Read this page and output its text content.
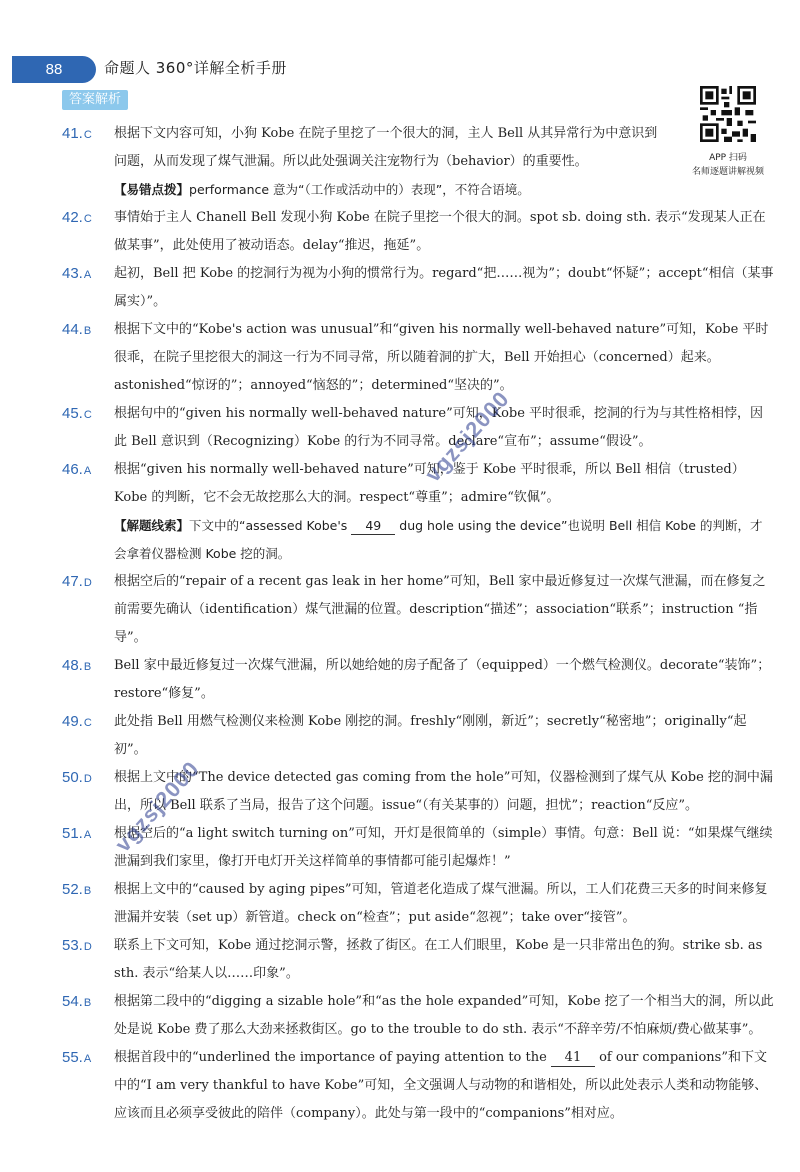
88	命题人 360°详解全析手册
答案解析
APP 扫码
名师逐题讲解视频
41.C	根据下文内容可知，小狗 Kobe 在院子里挖了一个很大的洞，主人 Bell 从其异常行为中意识到问题，从而发现了煤气泄漏。所以此处强调关注宠物行为（behavior）的重要性。
【易错点拨】performance 意为“（工作或活动中的）表现”，不符合语境。
42.C	事情始于主人 Chanell Bell 发现小狗 Kobe 在院子里挖一个很大的洞。spot sb. doing sth. 表示“发现某人正在做某事”，此处使用了被动语态。delay“推迟，拖延”。
43.A	起初，Bell 把 Kobe 的挖洞行为视为小狗的惯常行为。regard“把……视为”；doubt“怀疑”；accept“相信（某事属实）”。
44.B	根据下文中的“Kobe's action was unusual”和“given his normally well-behaved nature”可知，Kobe 平时很乖，在院子里挖很大的洞这一行为不同寻常，所以随着洞的扩大，Bell 开始担心（concerned）起来。astonished“惊讶的”；annoyed“恼怒的”；determined“坚决的”。
45.C	根据句中的“given his normally well-behaved nature”可知，Kobe 平时很乖，挖洞的行为与其性格相悖，因此 Bell 意识到（Recognizing）Kobe 的行为不同寻常。declare“宣布”；assume“假设”。
46.A	根据“given his normally well-behaved nature”可知，鉴于 Kobe 平时很乖，所以 Bell 相信（trusted）Kobe 的判断，它不会无故挖那么大的洞。respect“尊重”；admire“钦佩”。
【解题线索】下文中的“assessed Kobe's 49 dug hole using the device”也说明 Bell 相信 Kobe 的判断，才会拿着仪器检测 Kobe 挖的洞。
47.D	根据空后的“repair of a recent gas leak in her home”可知，Bell 家中最近修复过一次煤气泄漏，而在修复之前需要先确认（identification）煤气泄漏的位置。description“描述”；association“联系”；instruction “指导”。
48.B	Bell 家中最近修复过一次煤气泄漏，所以她给她的房子配备了（equipped）一个燃气检测仪。decorate“装饰”；restore“修复”。
49.C	此处指 Bell 用燃气检测仪来检测 Kobe 刚挖的洞。freshly“刚刚，新近”；secretly“秘密地”；originally“起初”。
50.D	根据上文中的“The device detected gas coming from the hole”可知，仪器检测到了煤气从 Kobe 挖的洞中漏出，所以 Bell 联系了当局，报告了这个问题。issue“（有关某事的）问题，担忧”；reaction“反应”。
51.A	根据空后的“a light switch turning on”可知，开灯是很简单的（simple）事情。句意：Bell 说：“如果煤气继续泄漏到我们家里，像打开电灯开关这样简单的事情都可能引起爆炸！”
52.B	根据上文中的“caused by aging pipes”可知，管道老化造成了煤气泄漏。所以，工人们花费三天多的时间来修复泄漏并安装（set up）新管道。check on“检查”；put aside“忽视”；take over“接管”。
53.D	联系上下文可知，Kobe 通过挖洞示警，拯救了街区。在工人们眼里，Kobe 是一只非常出色的狗。strike sb. as sth. 表示“给某人以……印象”。
54.B	根据第二段中的“digging a sizable hole”和“as the hole expanded”可知，Kobe 挖了一个相当大的洞，所以此处是说 Kobe 费了那么大劲来拯救街区。go to the trouble to do sth. 表示“不辞辛劳/不怕麻烦/费心做某事”。
55.A	根据首段中的“underlined the importance of paying attention to the 41 of our companions”和下文中的“I am very thankful to have Kobe”可知，全文强调人与动物的和谐相处，所以此处表示人类和动物能够、应该而且必须享受彼此的陪伴（company）。此处与第一段中的“companions”相对应。
vgzsj2000
vgzsj2000
